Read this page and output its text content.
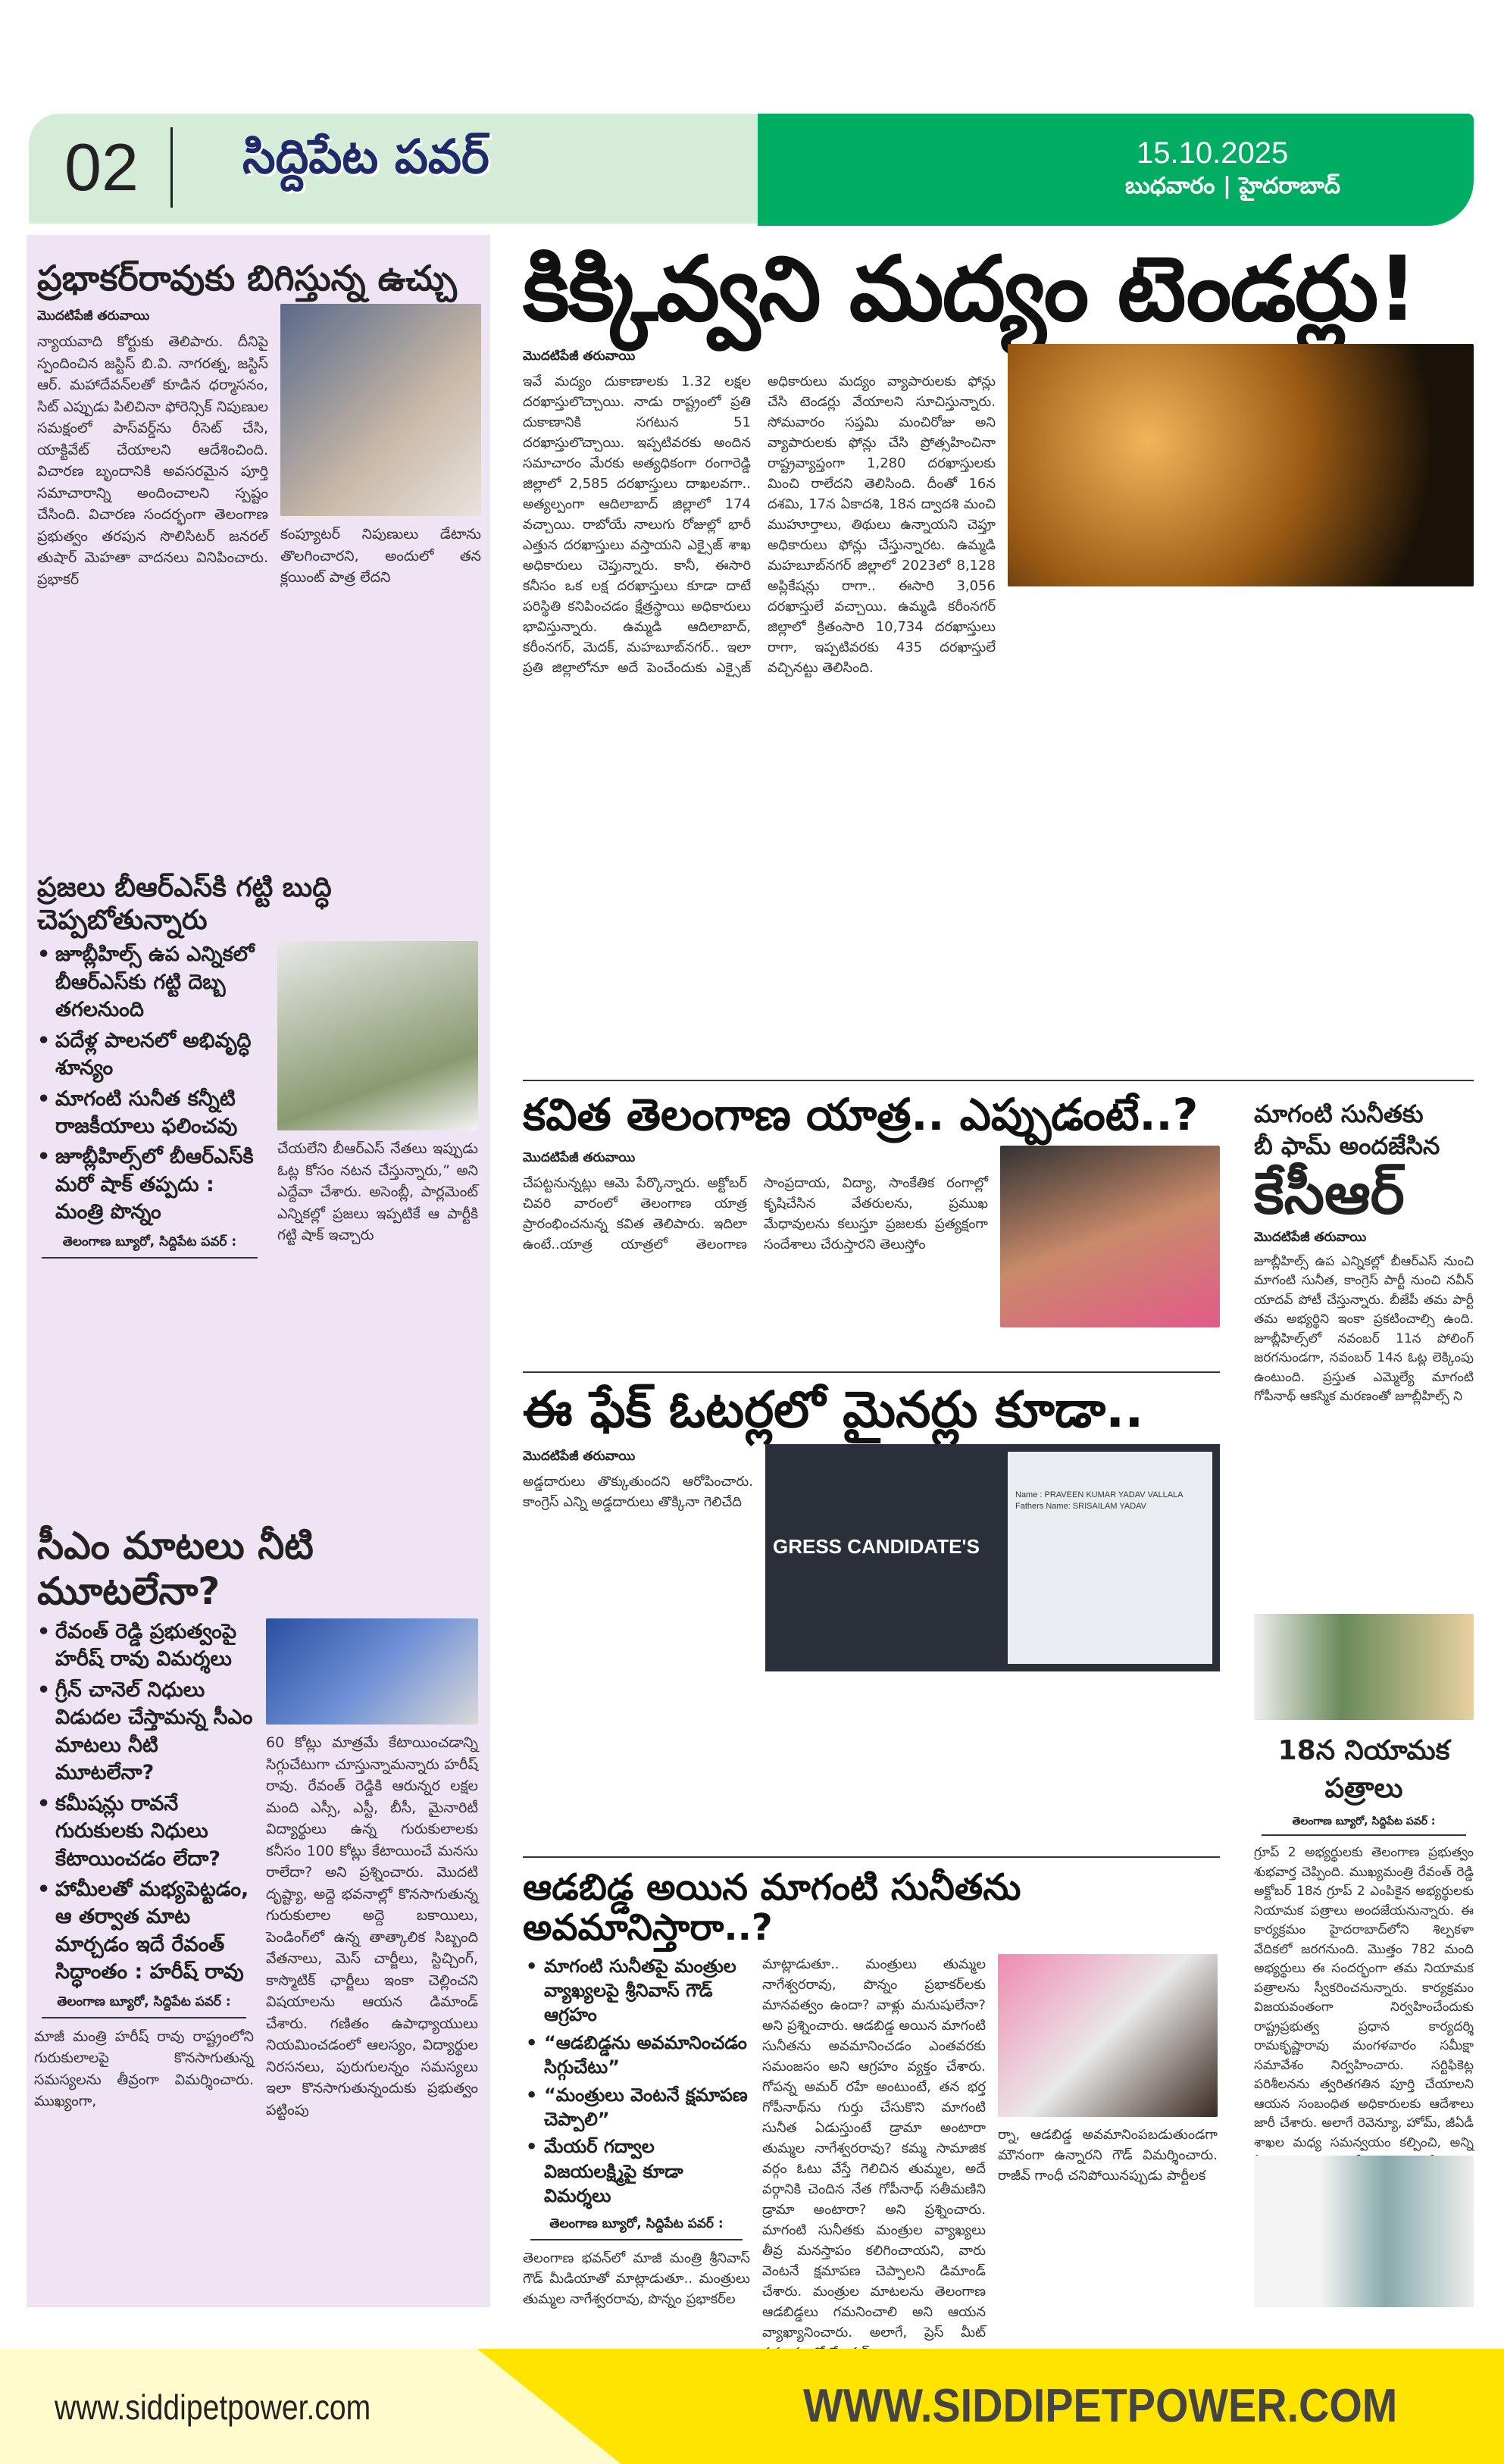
02 సిద్దిపేట పవర్	15.10.2025
బుధవారం | హైదరాబాద్
ప్రభాకర్‌రావుకు బిగిస్తున్న ఉచ్చు
మొదటిపేజీ తరువాయి
న్యాయవాది కోర్టుకు తెలిపారు. దీనిపై స్పందించిన జస్టిస్ బి.వి. నాగరత్న, జస్టిస్ ఆర్. మహాదేవన్‌లతో కూడిన ధర్మాసనం, సిట్ ఎప్పుడు పిలిచినా ఫోరెన్సిక్ నిపుణుల సమక్షంలో పాస్‌వర్డ్‌ను రీసెట్ చేసి, యాక్టివేట్ చేయాలని ఆదేశించింది. విచారణ బృందానికి అవసరమైన పూర్తి సమాచారాన్ని అందించాలని స్పష్టం చేసింది. విచారణ సందర్భంగా తెలంగాణ ప్రభుత్వం తరపున సొలిసిటర్ జనరల్ తుషార్ మెహతా వాదనలు వినిపించారు. ప్రభాకర్
కంప్యూటర్ నిపుణులు డేటాను తొలగించారని, అందులో తన క్లయింట్ పాత్ర లేదని
ప్రజలు బీఆర్‌ఎస్‌కి గట్టి బుద్ధి చెప్పబోతున్నారు
• జూబ్లీహిల్స్ ఉప ఎన్నికలో బీఆర్‌ఎస్‌కు గట్టి దెబ్బ తగలనుంది
• పదేళ్ల పాలనలో అభివృద్ధి శూన్యం
• మాగంటి సునీత కన్నీటి రాజకీయాలు ఫలించవు
• జూబ్లీహిల్స్‌లో బీఆర్‌ఎస్‌కి మరో షాక్ తప్పదు : మంత్రి పొన్నం
తెలంగాణ బ్యూరో, సిద్దిపేట పవర్ :
చేయలేని బీఆర్‌ఎస్ నేతలు ఇప్పుడు ఓట్ల కోసం నటన చేస్తున్నారు,” అని ఎద్దేవా చేశారు. అసెంబ్లీ, పార్లమెంట్ ఎన్నికల్లో ప్రజలు ఇప్పటికే ఆ పార్టీకి గట్టి షాక్ ఇచ్చారు
సీఎం మాటలు నీటి మూటలేనా?
• రేవంత్ రెడ్డి ప్రభుత్వంపై హరీష్ రావు విమర్శలు
• గ్రీన్ చానెల్ నిధులు విడుదల చేస్తామన్న సీఎం మాటలు నీటి మూటలేనా?
• కమీషన్లు రావనే గురుకులకు నిధులు కేటాయించడం లేదా?
• హామీలతో మభ్యపెట్టడం, ఆ తర్వాత మాట మార్చడం ఇదే రేవంత్ సిద్ధాంతం : హరీష్ రావు
తెలంగాణ బ్యూరో, సిద్దిపేట పవర్ :
మాజీ మంత్రి హరీష్ రావు రాష్ట్రంలోని గురుకులాలపై కొనసాగుతున్న సమస్యలను తీవ్రంగా విమర్శించారు. ముఖ్యంగా,
60 కోట్లు మాత్రమే కేటాయించడాన్ని సిగ్గుచేటుగా చూస్తున్నామన్నారు హరీష్ రావు. రేవంత్ రెడ్డికి ఆరున్నర లక్షల మంది ఎస్సీ, ఎస్టీ, బీసీ, మైనారిటీ విద్యార్థులు ఉన్న గురుకులాలకు కనీసం 100 కోట్లు కేటాయించే మనసు రాలేదా? అని ప్రశ్నించారు. మొదటి దృష్ట్యా, అద్దె భవనాల్లో కొనసాగుతున్న గురుకులాల అద్దె బకాయిలు, పెండింగ్‌లో ఉన్న తాత్కాలిక సిబ్బంది వేతనాలు, మెస్ చార్జీలు, స్టిచ్చింగ్, కాస్మొటిక్ ఛార్జీలు ఇంకా చెల్లించని విషయాలను ఆయన డిమాండ్ చేశారు. గణితం ఉపాధ్యాయులు నియమించడంలో ఆలస్యం, విద్యార్థుల నిరసనలు, పురుగులన్నం సమస్యలు ఇలా కొనసాగుతున్నందుకు ప్రభుత్వం పట్టింపు
కిక్కివ్వని మద్యం టెండర్లు!
మొదటిపేజీ తరువాయి
ఇవే మద్యం దుకాణాలకు 1.32 లక్షల దరఖాస్తులొచ్చాయి. నాడు రాష్ట్రంలో ప్రతి దుకాణానికి సగటున 51 దరఖాస్తులొచ్చాయి. ఇప్పటివరకు అందిన సమాచారం మేరకు అత్యధికంగా రంగారెడ్డి జిల్లాలో 2,585 దరఖాస్తులు దాఖలవగా.. అత్యల్పంగా ఆదిలాబాద్ జిల్లాలో 174 వచ్చాయి. రాబోయే నాలుగు రోజుల్లో భారీ ఎత్తున దరఖాస్తులు వస్తాయని ఎక్సైజ్ శాఖ అధికారులు చెప్తున్నారు. కానీ, ఈసారి కనీసం ఒక లక్ష దరఖాస్తులు కూడా దాటే పరిస్థితి కనిపించడం క్షేత్రస్థాయి అధికారులు భావిస్తున్నారు. ఉమ్మడి ఆదిలాబాద్, కరీంనగర్, మెదక్, మహబూబ్‌నగర్.. ఇలా ప్రతి జిల్లాలోనూ అదే పెంచేందుకు ఎక్సైజ్ అధికారులు మద్యం వ్యాపారులకు ఫోన్లు చేసి టెండర్లు వేయాలని సూచిస్తున్నారు. సోమవారం సప్తమి మంచిరోజు అని వ్యాపారులకు ఫోన్లు చేసి ప్రోత్సహించినా రాష్ట్రవ్యాప్తంగా 1,280 దరఖాస్తులకు మించి రాలేదని తెలిసింది. దీంతో 16న దశమి, 17న ఏకాదశి, 18న ద్వాదశి మంచి ముహూర్తాలు, తిథులు ఉన్నాయని చెప్తూ అధికారులు ఫోన్లు చేస్తున్నారట. ఉమ్మడి మహబూబ్‌నగర్ జిల్లాలో 2023లో 8,128 అప్లికేషన్లు రాగా.. ఈసారి 3,056 దరఖాస్తులే వచ్చాయి. ఉమ్మడి కరీంనగర్ జిల్లాలో క్రితంసారి 10,734 దరఖాస్తులు రాగా, ఇప్పటివరకు 435 దరఖాస్తులే వచ్చినట్టు తెలిసింది.
కవిత తెలంగాణ యాత్ర.. ఎప్పుడంటే..?
మొదటిపేజీ తరువాయి
చేపట్టనున్నట్లు ఆమె పేర్కొన్నారు. అక్టోబర్ చివరి వారంలో తెలంగాణ యాత్ర ప్రారంభించనున్న కవిత తెలిపారు. ఇదిలా ఉంటే..యాత్ర యాత్రలో తెలంగాణ సాంప్రదాయ, విద్యా, సాంకేతిక రంగాల్లో కృషిచేసిన వేతరులను, ప్రముఖ మేధావులను కలుస్తూ ప్రజలకు ప్రత్యక్షంగా సందేశాలు చేరుస్తారని తెలుస్తోం
మాగంటి సునీతకు
బీ ఫామ్ అందజేసిన
కేసీఆర్
మొదటిపేజీ తరువాయి
జూబ్లీహిల్స్ ఉప ఎన్నికల్లో బీఆర్‌ఎస్ నుంచి మాగంటి సునీత, కాంగ్రెస్ పార్టీ నుంచి నవీన్ యాదవ్ పోటీ చేస్తున్నారు. బీజేపీ తమ పార్టీ తమ అభ్యర్థిని ఇంకా ప్రకటించాల్సి ఉంది. జూబ్లీహిల్స్‌లో నవంబర్ 11న పోలింగ్ జరగనుండగా, నవంబర్ 14న ఓట్ల లెక్కింపు ఉంటుంది. ప్రస్తుత ఎమ్మెల్యే మాగంటి గోపీనాథ్ ఆకస్మిక మరణంతో జూబ్లీహిల్స్ ని
ఈ ఫేక్ ఓటర్లలో మైనర్లు కూడా..
మొదటిపేజీ తరువాయి
అడ్డదారులు తొక్కుతుందని ఆరోపించారు. కాంగ్రెస్ ఎన్ని అడ్డదారులు తొక్కినా గెలిచేది
GRESS CANDIDATE'S
Name : PRAVEEN KUMAR YADAV VALLALA
Fathers Name: SRISAILAM YADAV
18న నియామక పత్రాలు
తెలంగాణ బ్యూరో, సిద్దిపేట పవర్ :
గ్రూప్ 2 అభ్యర్థులకు తెలంగాణ ప్రభుత్వం శుభవార్త చెప్పింది. ముఖ్యమంత్రి రేవంత్ రెడ్డి అక్టోబర్ 18న గ్రూప్ 2 ఎంపికైన అభ్యర్థులకు నియామక పత్రాలు అందజేయనున్నారు. ఈ కార్యక్రమం హైదరాబాద్‌లోని శిల్పకళా వేదికలో జరగనుంది. మొత్తం 782 మంది అభ్యర్థులు ఈ సందర్భంగా తమ నియామక పత్రాలను స్వీకరించనున్నారు. కార్యక్రమం విజయవంతంగా నిర్వహించేందుకు రాష్ట్రప్రభుత్వ ప్రధాన కార్యదర్శి రామకృష్ణారావు మంగళవారం సమీక్షా సమావేశం నిర్వహించారు. సర్టిఫికెట్ల పరిశీలనను త్వరితగతిన పూర్తి చేయాలని ఆయన సంబంధిత అధికారులకు ఆదేశాలు జారీ చేశారు. అలాగే రెవెన్యూ, హోమ్, జీఏడీ శాఖల మధ్య సమన్వయం కల్పించి, అన్ని
ఆడబిడ్డ అయిన మాగంటి సునీతను అవమానిస్తారా..?
• మాగంటి సునీతపై మంత్రుల వ్యాఖ్యలపై శ్రీనివాస్ గౌడ్ ఆగ్రహం
• “ఆడబిడ్డను అవమానించడం సిగ్గుచేటు”
• “మంత్రులు వెంటనే క్షమాపణ చెప్పాలి”
• మేయర్ గద్వాల విజయలక్ష్మిపై కూడా విమర్శలు
తెలంగాణ బ్యూరో, సిద్దిపేట పవర్ :
తెలంగాణ భవన్‌లో మాజీ మంత్రి శ్రీనివాస్ గౌడ్ మీడియాతో మాట్లాడుతూ.. మంత్రులు తుమ్మల నాగేశ్వరరావు, పొన్నం ప్రభాకర్‌ల
మాట్లాడుతూ.. మంత్రులు తుమ్మల నాగేశ్వరరావు, పొన్నం ప్రభాకర్‌లకు మానవత్వం ఉందా? వాళ్లు మనుషులేనా? అని ప్రశ్నించారు. ఆడబిడ్డ అయిన మాగంటి సునీతను అవమానించడం ఎంతవరకు సమంజసం అని ఆగ్రహం వ్యక్తం చేశారు. గోపన్న అమర్ రహే అంటుంటే, తన భర్త గోపీనాథ్‌ను గుర్తు చేసుకొని మాగంటి సునీత ఏడుస్తుంటే డ్రామా అంటారా తుమ్మల నాగేశ్వరరావు? కమ్మ సామాజిక వర్గం ఓటు వేస్తే గెలిచిన తుమ్మల, అదే వర్గానికి చెందిన నేత గోపీనాథ్ సతీమణిని డ్రామా అంటారా? అని ప్రశ్నించారు. మాగంటి సునీతకు మంత్రుల వ్యాఖ్యలు తీవ్ర మనస్తాపం కలిగించాయని, వారు వెంటనే క్షమాపణ చెప్పాలని డిమాండ్ చేశారు. మంత్రుల మాటలను తెలంగాణ ఆడబిడ్డలు గమనించాలి అని ఆయన వ్యాఖ్యానించారు. అలాగే, ప్రెస్ మీట్
ర్నా, ఆడబిడ్డ అవమానింపబడుతుండగా మౌనంగా ఉన్నారని గౌడ్ విమర్శించారు. రాజీవ్ గాంధీ చనిపోయినప్పుడు పార్టీలక
www.siddipetpower.com	WWW.SIDDIPETPOWER.COM
